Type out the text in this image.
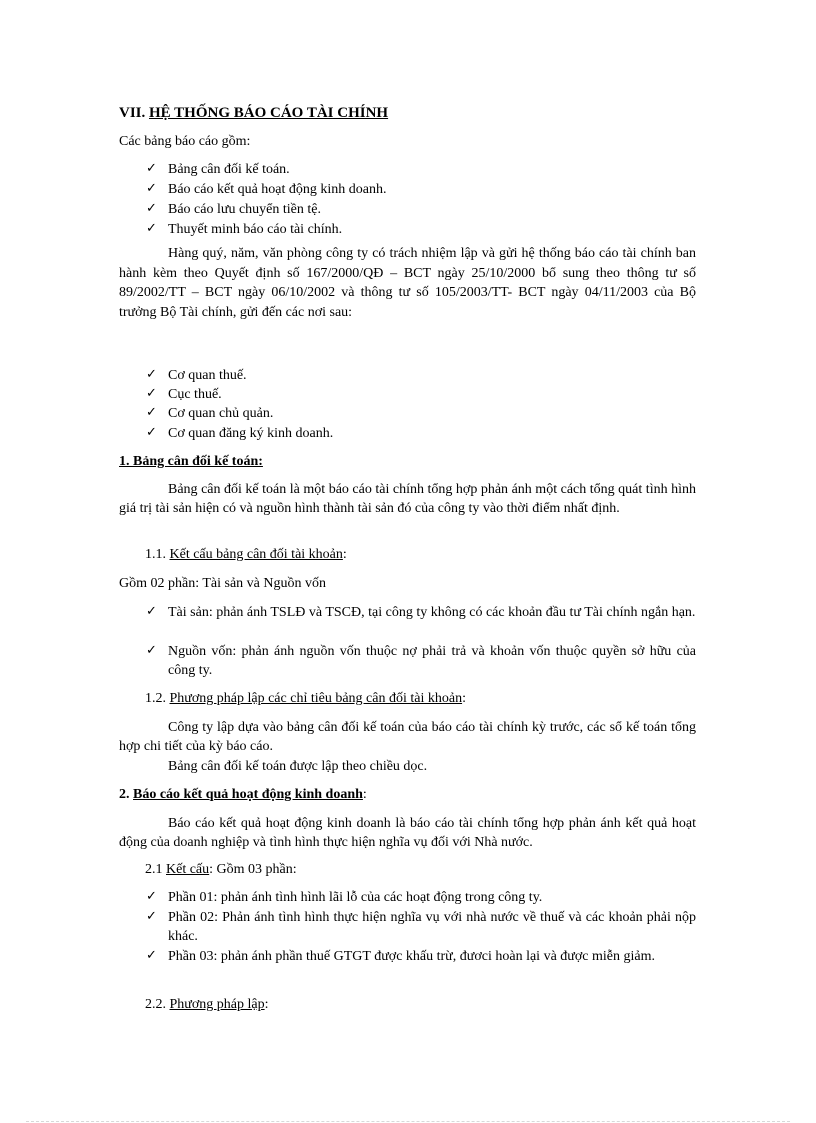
VII. HỆ THỐNG BÁO CÁO TÀI CHÍNH
Các bảng báo cáo gồm:
✓ Bảng cân đối kế toán.
✓ Báo cáo kết quả hoạt động kinh doanh.
✓ Báo cáo lưu chuyển tiền tệ.
✓ Thuyết minh báo cáo tài chính.
Hàng quý, năm, văn phòng công ty có trách nhiệm lập và gửi hệ thống báo cáo tài chính ban hành kèm theo Quyết định số 167/2000/QĐ – BCT ngày 25/10/2000 bổ sung theo thông tư số 89/2002/TT – BCT ngày 06/10/2002 và thông tư số 105/2003/TT- BCT ngày 04/11/2003 của Bộ trưởng Bộ Tài chính, gửi đến các nơi sau:
✓ Cơ quan thuế.
✓ Cục thuế.
✓ Cơ quan chủ quản.
✓ Cơ quan đăng ký kinh doanh.
1. Bảng cân đối kế toán:
Bảng cân đối kế toán là một báo cáo tài chính tổng hợp phản ánh một cách tổng quát tình hình giá trị tài sản hiện có và nguồn hình thành tài sản đó của công ty vào thời điểm nhất định.
1.1. Kết cấu bảng cân đối tài khoản:
Gồm 02 phần: Tài sản và Nguồn vốn
✓ Tài sản: phản ánh TSLĐ và TSCĐ, tại công ty không có các khoản đầu tư Tài chính ngắn hạn.
✓ Nguồn vốn: phản ánh nguồn vốn thuộc nợ phải trả và khoản vốn thuộc quyền sở hữu của công ty.
1.2. Phương pháp lập các chỉ tiêu bảng cân đối tài khoản:
Công ty lập dựa vào bảng cân đối kế toán của báo cáo tài chính kỳ trước, các sổ kế toán tổng hợp chi tiết của kỳ báo cáo.
Bảng cân đối kế toán được lập theo chiều dọc.
2. Báo cáo kết quả hoạt động kinh doanh:
Báo cáo kết quả hoạt động kinh doanh là báo cáo tài chính tổng hợp phản ánh kết quả hoạt động của doanh nghiệp và tình hình thực hiện nghĩa vụ đối với Nhà nước.
2.1 Kết cấu: Gồm 03 phần:
✓ Phần 01: phản ánh tình hình lãi lỗ của các hoạt động trong công ty.
✓ Phần 02: Phản ánh tình hình thực hiện nghĩa vụ với nhà nước về thuế và các khoản phải nộp khác.
✓ Phần 03: phản ánh phần thuế GTGT được khấu trừ, đươci hoàn lại và được miễn giảm.
2.2. Phương pháp lập:
